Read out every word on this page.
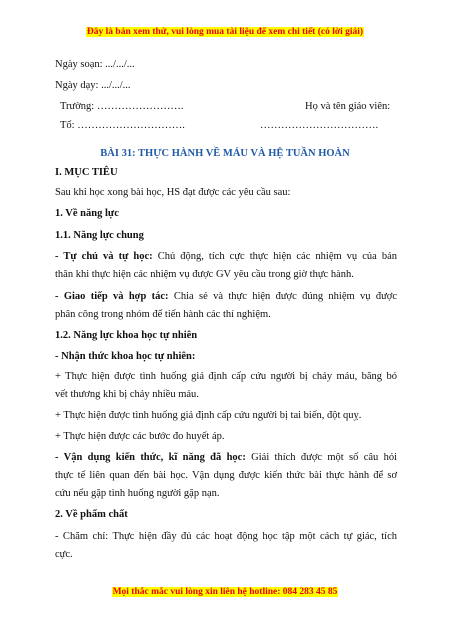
Đây là bản xem thử, vui lòng mua tài liệu để xem chi tiết (có lời giải)
Ngày soạn: .../.../...
Ngày dạy: .../.../...
Trường: …………………….	Họ và tên giáo viên:
Tổ: ………………………….	…………………………….
BÀI 31: THỰC HÀNH VỀ MÁU VÀ HỆ TUẦN HOÀN
I. MỤC TIÊU
Sau khi học xong bài học, HS đạt được các yêu cầu sau:
1. Về năng lực
1.1. Năng lực chung
- Tự chủ và tự học: Chủ động, tích cực thực hiện các nhiệm vụ của bản
thân khi thực hiện các nhiệm vụ được GV yêu cầu trong giờ thực hành.
- Giao tiếp và hợp tác: Chia sẻ và thực hiện được đúng nhiệm vụ được
phân công trong nhóm để tiến hành các thí nghiệm.
1.2. Năng lực khoa học tự nhiên
- Nhận thức khoa học tự nhiên:
+ Thực hiện được tình huống giả định cấp cứu người bị chảy máu, băng bó
vết thương khi bị chảy nhiều máu.
+ Thực hiện được tình huống giả định cấp cứu người bị tai biến, đột quỵ.
+ Thực hiện được các bước đo huyết áp.
- Vận dụng kiến thức, kĩ năng đã học: Giải thích được một số câu hỏi
thực tế liên quan đến bài học. Vận dụng được kiến thức bài thực hành để sơ
cứu nếu gặp tình huống người gặp nạn.
2. Về phẩm chất
- Chăm chỉ: Thực hiện đầy đủ các hoạt động học tập một cách tự giác, tích
cực.
Mọi thắc mắc vui lòng xin liên hệ hotline: 084 283 45 85
